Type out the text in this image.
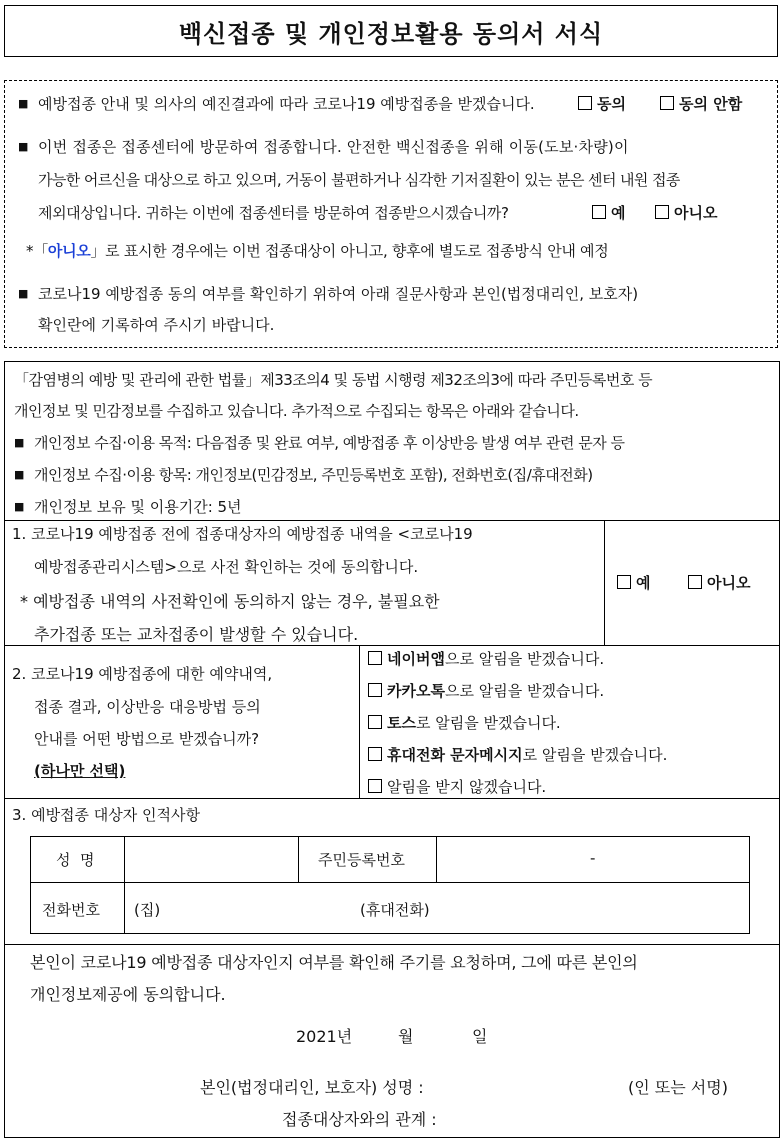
백신접종 및 개인정보활용 동의서 서식
■ 예방접종 안내 및 의사의 예진결과에 따라 코로나19 예방접종을 받겠습니다.	동의	동의 안함
■ 이번 접종은 접종센터에 방문하여 접종합니다. 안전한 백신접종을 위해 이동(도보·차량)이
가능한 어르신을 대상으로 하고 있으며, 거동이 불편하거나 심각한 기저질환이 있는 분은 센터 내원 접종
제외대상입니다. 귀하는 이번에 접종센터를 방문하여 접종받으시겠습니까?	예	아니오
*「아니오」로 표시한 경우에는 이번 접종대상이 아니고, 향후에 별도로 접종방식 안내 예정
■ 코로나19 예방접종 동의 여부를 확인하기 위하여 아래 질문사항과 본인(법정대리인, 보호자)
확인란에 기록하여 주시기 바랍니다.
「감염병의 예방 및 관리에 관한 법률」제33조의4 및 동법 시행령 제32조의3에 따라 주민등록번호 등
개인정보 및 민감정보를 수집하고 있습니다. 추가적으로 수집되는 항목은 아래와 같습니다.
■ 개인정보 수집·이용 목적: 다음접종 및 완료 여부, 예방접종 후 이상반응 발생 여부 관련 문자 등
■ 개인정보 수집·이용 항목: 개인정보(민감정보, 주민등록번호 포함), 전화번호(집/휴대전화)
■ 개인정보 보유 및 이용기간: 5년
1. 코로나19 예방접종 전에 접종대상자의 예방접종 내역을 <코로나19
예방접종관리시스템>으로 사전 확인하는 것에 동의합니다.
* 예방접종 내역의 사전확인에 동의하지 않는 경우, 불필요한
추가접종 또는 교차접종이 발생할 수 있습니다.
예	아니오
2. 코로나19 예방접종에 대한 예약내역,
접종 결과, 이상반응 대응방법 등의
안내를 어떤 방법으로 받겠습니까?
(하나만 선택)
네이버앱으로 알림을 받겠습니다.
카카오톡으로 알림을 받겠습니다.
토스로 알림을 받겠습니다.
휴대전화 문자메시지로 알림을 받겠습니다.
알림을 받지 않겠습니다.
3. 예방접종 대상자 인적사항
성  명	주민등록번호	-
전화번호 (집)	(휴대전화)
본인이 코로나19 예방접종 대상자인지 여부를 확인해 주기를 요청하며, 그에 따른 본인의
개인정보제공에 동의합니다.
2021년	월	일
본인(법정대리인, 보호자) 성명 :	(인 또는 서명)
접종대상자와의 관계 :
